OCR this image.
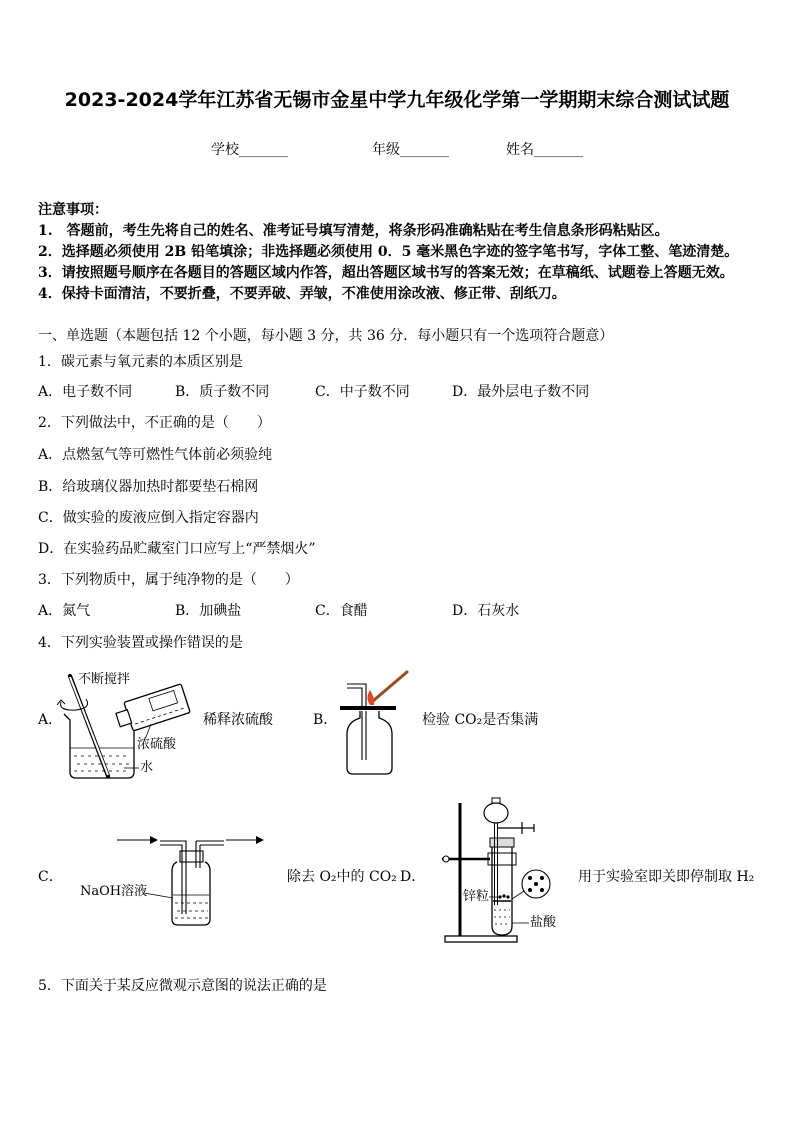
2023-2024学年江苏省无锡市金星中学九年级化学第一学期期末综合测试试题
学校_______	年级_______	姓名_______
注意事项：
1.　答题前，考生先将自己的姓名、准考证号填写清楚，将条形码准确粘贴在考生信息条形码粘贴区。
2．选择题必须使用 2B 铅笔填涂；非选择题必须使用 0．5 毫米黑色字迹的签字笔书写，字体工整、笔迹清楚。
3．请按照题号顺序在各题目的答题区域内作答，超出答题区域书写的答案无效；在草稿纸、试题卷上答题无效。
4．保持卡面清洁，不要折叠，不要弄破、弄皱，不准使用涂改液、修正带、刮纸刀。
一、单选题（本题包括 12 个小题，每小题 3 分，共 36 分．每小题只有一个选项符合题意）
1．碳元素与氧元素的本质区别是
A．电子数不同	B．质子数不同	C．中子数不同	D．最外层电子数不同
2．下列做法中，不正确的是（　　）
A．点燃氢气等可燃性气体前必须验纯
B．给玻璃仪器加热时都要垫石棉网
C．做实验的废液应倒入指定容器内
D．在实验药品贮藏室门口应写上“严禁烟火”
3．下列物质中，属于纯净物的是（　　）
A．氮气	B．加碘盐	C．食醋	D．石灰水
4．下列实验装置或操作错误的是
A．
不断搅拌
浓硫酸
水
稀释浓硫酸	B．	检验 CO₂是否集满
C．
NaOH溶液
除去 O₂中的 CO₂ D．
锌粒
盐酸
用于实验室即关即停制取 H₂
5．下面关于某反应微观示意图的说法正确的是
